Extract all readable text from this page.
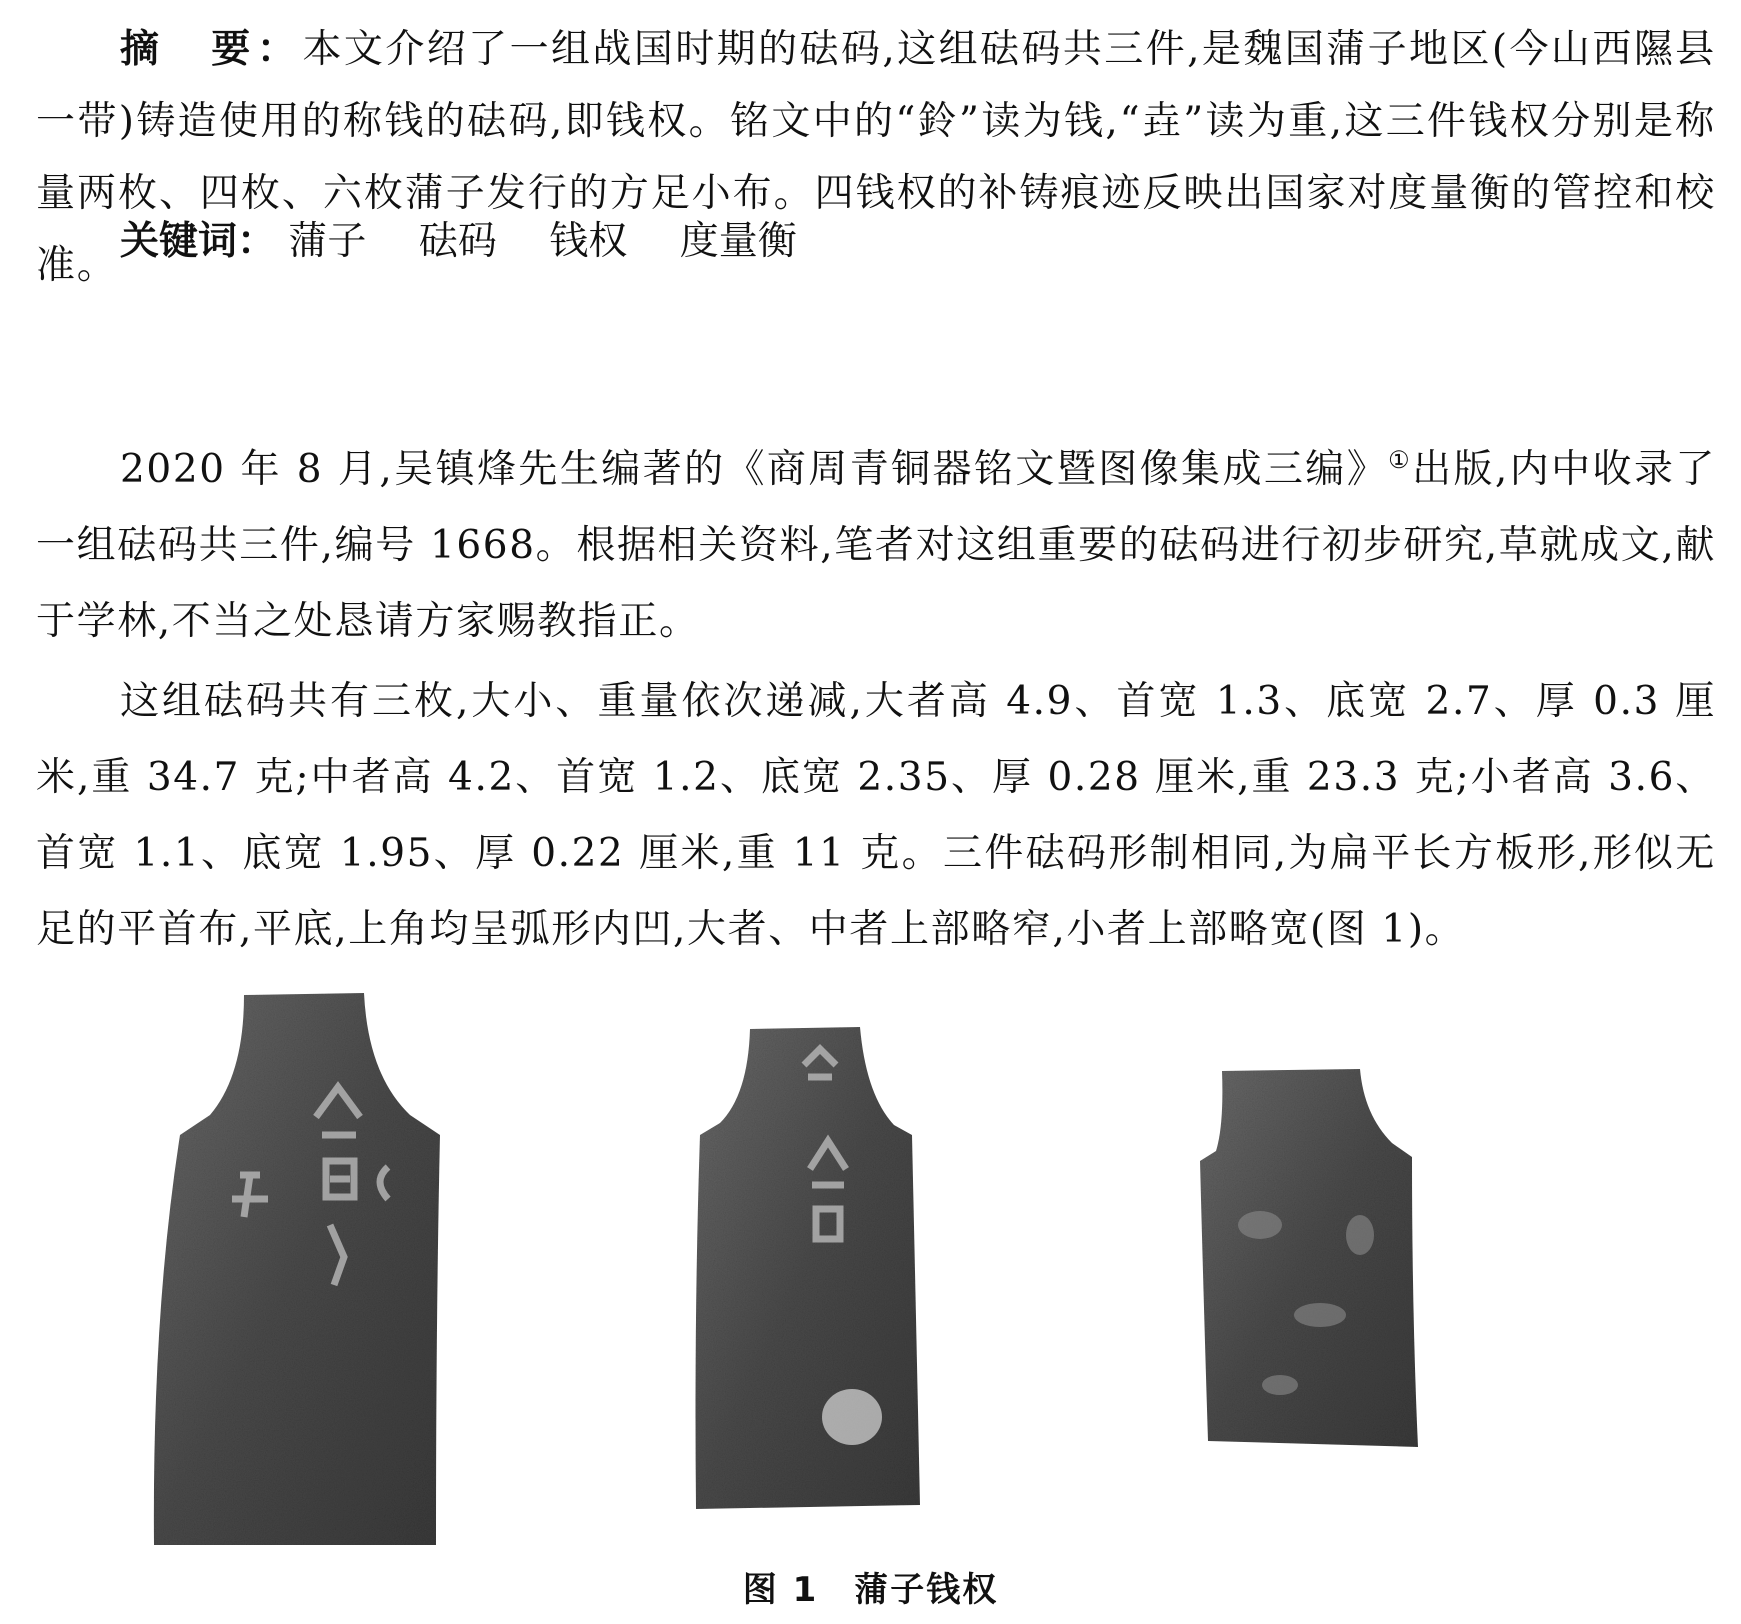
摘　要：本文介绍了一组战国时期的砝码,这组砝码共三件,是魏国蒲子地区(今山西隰县一带)铸造使用的称钱的砝码,即钱权。铭文中的“鈴”读为钱,“垚”读为重,这三件钱权分别是称量两枚、四枚、六枚蒲子发行的方足小布。四钱权的补铸痕迹反映出国家对度量衡的管控和校准。
关键词： 蒲子 砝码 钱权 度量衡

2020 年 8 月,吴镇烽先生编著的《商周青铜器铭文暨图像集成三编》①出版,内中收录了一组砝码共三件,编号 1668。根据相关资料,笔者对这组重要的砝码进行初步研究,草就成文,献于学林,不当之处恳请方家赐教指正。

这组砝码共有三枚,大小、重量依次递减,大者高 4.9、首宽 1.3、底宽 2.7、厚 0.3 厘米,重 34.7 克;中者高 4.2、首宽 1.2、底宽 2.35、厚 0.28 厘米,重 23.3 克;小者高 3.6、首宽 1.1、底宽 1.95、厚 0.22 厘米,重 11 克。三件砝码形制相同,为扁平长方板形,形似无足的平首布,平底,上角均呈弧形内凹,大者、中者上部略窄,小者上部略宽(图 1)。

图 1 蒲子钱权
